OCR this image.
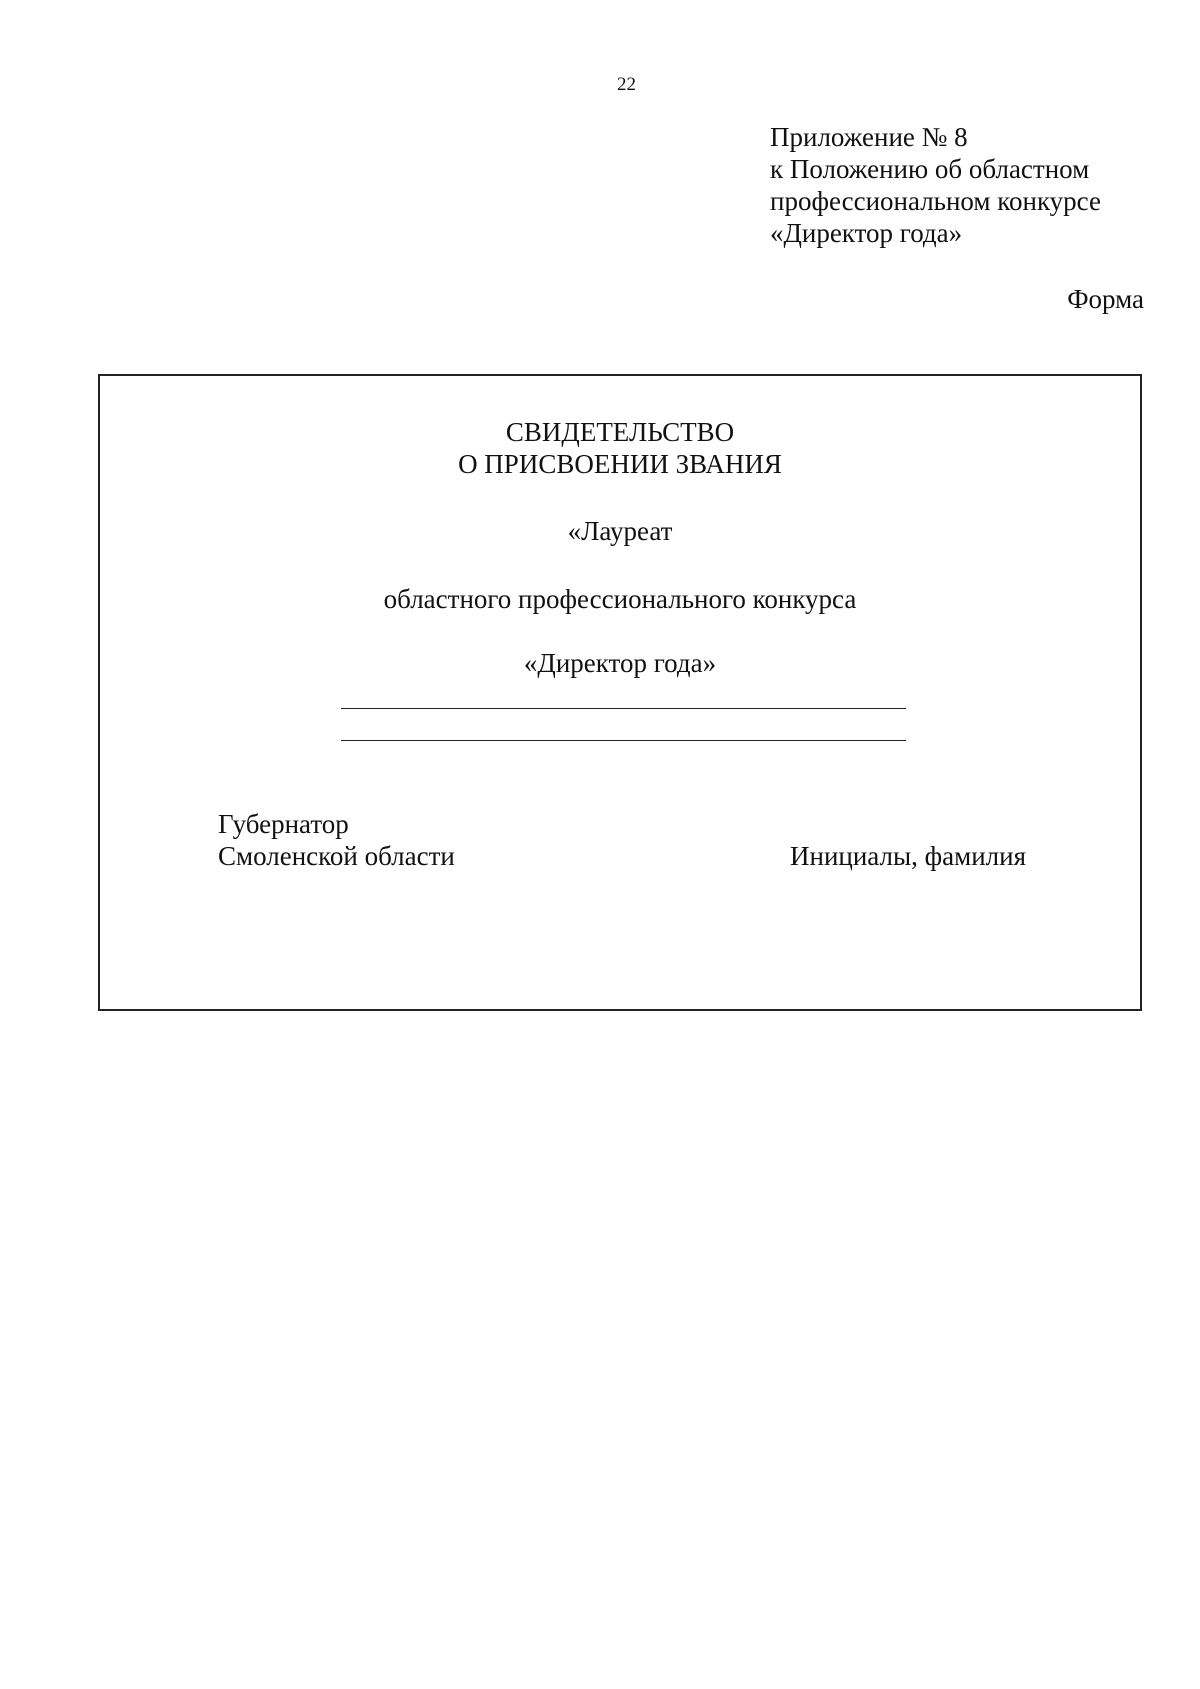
22
Приложение № 8
к Положению об областном
профессиональном конкурсе
«Директор года»
Форма
СВИДЕТЕЛЬСТВО
О ПРИСВОЕНИИ ЗВАНИЯ
«Лауреат
областного профессионального конкурса
«Директор года»
Губернатор
Смоленской области	Инициалы, фамилия
